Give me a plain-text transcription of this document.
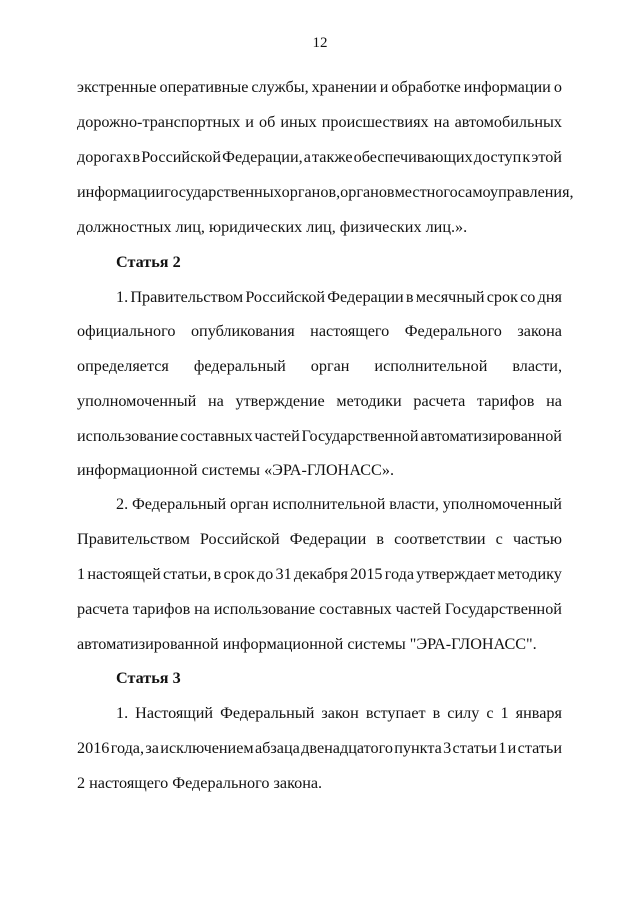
12
экстренные оперативные службы, хранении и обработке информации о
дорожно-транспортных и об иных происшествиях на автомобильных
дорогах в Российской Федерации, а также обеспечивающих доступ к этой
информации государственных органов, органов местного самоуправления,
должностных лиц, юридических лиц, физических лиц.».
Статья 2
1. Правительством Российской Федерации в месячный срок со дня
официального опубликования настоящего Федерального закона
определяется федеральный орган исполнительной власти,
уполномоченный на утверждение методики расчета тарифов на
использование составных частей Государственной автоматизированной
информационной системы «ЭРА-ГЛОНАСС».
2. Федеральный орган исполнительной власти, уполномоченный
Правительством Российской Федерации в соответствии с частью
1 настоящей статьи, в срок до 31 декабря 2015 года утверждает методику
расчета тарифов на использование составных частей Государственной
автоматизированной информационной системы "ЭРА-ГЛОНАСС".
Статья 3
1. Настоящий Федеральный закон вступает в силу с 1 января
2016 года, за исключением абзаца двенадцатого пункта 3 статьи 1 и статьи
2 настоящего Федерального закона.
